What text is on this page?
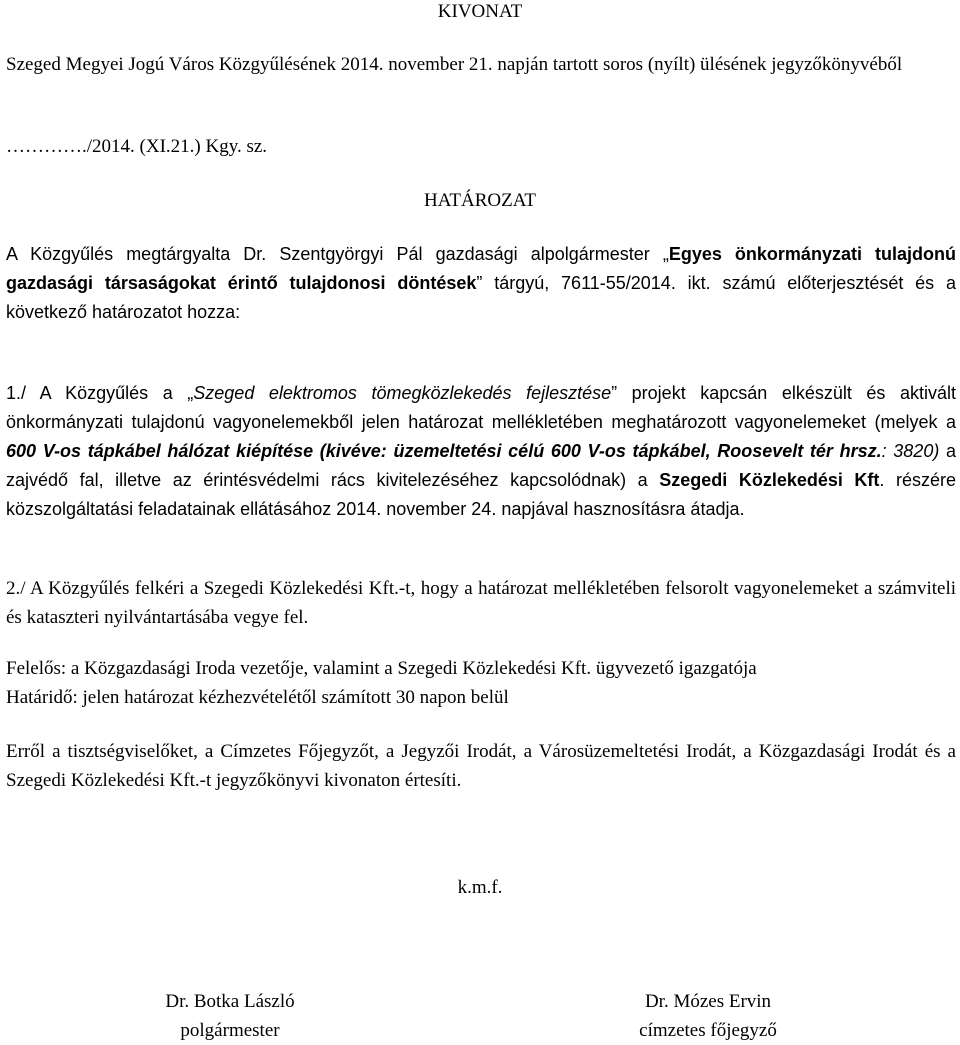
KIVONAT

Szeged Megyei Jogú Város Közgyűlésének 2014. november 21. napján tartott soros (nyílt) ülésének jegyzőkönyvéből

…………./2014. (XI.21.) Kgy. sz.

HATÁROZAT

A Közgyűlés megtárgyalta Dr. Szentgyörgyi Pál gazdasági alpolgármester „Egyes önkormányzati tulajdonú gazdasági társaságokat érintő tulajdonosi döntések” tárgyú, 7611-55/2014. ikt. számú előterjesztését és a következő határozatot hozza:

1./ A Közgyűlés a „Szeged elektromos tömegközlekedés fejlesztése” projekt kapcsán elkészült és aktivált önkormányzati tulajdonú vagyonelemekből jelen határozat mellékletében meghatározott vagyonelemeket (melyek a 600 V-os tápkábel hálózat kiépítése (kivéve: üzemeltetési célú 600 V-os tápkábel, Roosevelt tér hrsz.: 3820) a zajvédő fal, illetve az érintésvédelmi rács kivitelezéséhez kapcsolódnak) a Szegedi Közlekedési Kft. részére közszolgáltatási feladatainak ellátásához 2014. november 24. napjával hasznosításra átadja.

2./ A Közgyűlés felkéri a Szegedi Közlekedési Kft.-t, hogy a határozat mellékletében felsorolt vagyonelemeket a számviteli és kataszteri nyilvántartásába vegye fel.

Felelős: a Közgazdasági Iroda vezetője, valamint a Szegedi Közlekedési Kft. ügyvezető igazgatója

Határidő: jelen határozat kézhezvételétől számított 30 napon belül

Erről a tisztségviselőket, a Címzetes Főjegyzőt, a Jegyzői Irodát, a Városüzemeltetési Irodát, a Közgazdasági Irodát és a Szegedi Közlekedési Kft.-t jegyzőkönyvi kivonaton értesíti.

k.m.f.

Dr. Botka László
polgármester
Dr. Mózes Ervin
címzetes főjegyző
